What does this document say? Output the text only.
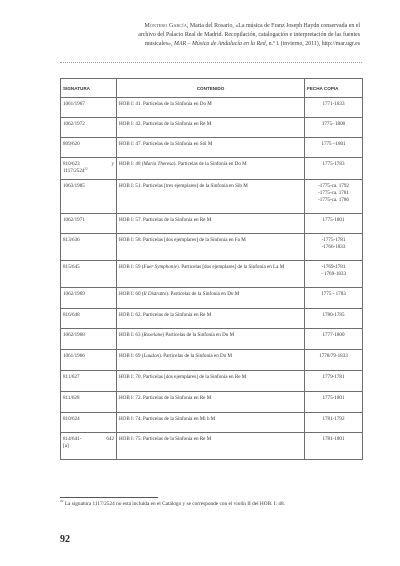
Montero García, Maria del Rosario, «La música de Franz Joseph Haydn conservada en el
archivo del Palacio Real de Madrid. Recopilación, catalogación e interpretación de las fuentes
musicales», MAR – Música de Andalucía en la Red, n.º 1 (invierno, 2011), http://mar.ugr.es
SIGNATURA	CONTENIDO	FECHA COPIA

1061/1967	HOB I: 41. Particelas de la Sinfonía en Do M	1771-1833

1062/1972	HOB I: 42. Particelas de la Sinfonía en Re M	1775- 1800

809/620	HOB I: 47. Particelas de la Sinfonía en Sol M	1775 –1801

810/623 y
1117/2524$^{22}$	HOB I: 48 (Maria Theresa). Particelas de la Sinfonía en Do M	1775-1783

1063/1985	HOB I: 51. Particelas [tres ejemplares] de la Sinfonía en Sib M	-1775-ca. 1792
-1775-ca. 1781
-1775-ca. 1786

1062/1971	HOB I: 57. Particelas de la Sinfonía en Re M	1775-1801

813/636	HOB I: 58. Particelas [dos ejemplares] de la Sinfonía en Fa M	-1775-1781
-1766-1833

815/645	HOB I: 59 (Fuer Symphonie). Particelas [dos ejemplares] de la Sinfonía en La M	-1769-1781
- 1769-1833

1062/1969	HOB I: 60 (Il Distratto). Particelas de la Sinfonía en Do M	1775 - 1783

816/648	HOB I: 62. Particelas de la Sinfonía en Re M	1780-1785

1062/1968	HOB I: 63 (Roxelane) Particelas de la Sinfonía en Do M	1777-1800

1061/1966	HOB I: 69 (Laudon). Particelas de la Sinfonía en Do M	1778/79-1833

811/627	HOB I: 70. Particelas [dos ejemplares] de la Sinfonía en Re M	1779-1781

811/628	HOB I: 72. Particelas de la Sinfonía en Re M	1775-1801

810/624	HOB I: 74. Particelas de la Sinfonía en Mi b M	1781-1792

814/641- 642
[a]	HOB I: 75. Particelas de la Sinfonía en Re M	1781-1801
$^{22}$ La signatura 1117/2524 no está incluida en el Catálogo y se corresponde con el violín II del HOB. I: 48.
92
